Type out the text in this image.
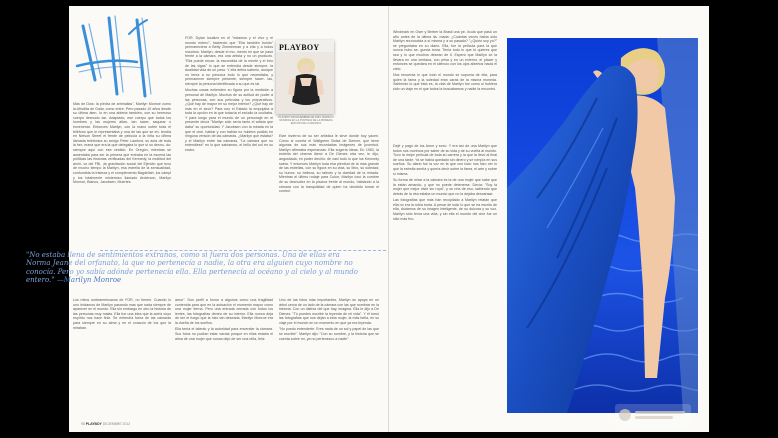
Más de Dios: la piedra de arrimallas", Marilyn Monroe como la Afrodita de Galia, como entre. Pero pasado 10 años desde su última aten- lo en una abierta también, con su hermoso cuerpo desnudo así. Adaptado, ese cuerpo que todos los hombres y las mujeres afian- tan nacer, saquear o envenenar. Entonces Marilyn, con la mano sobre toda el teléfono que le representaba y una de las que se en- tendía en Nelson Street el frente de película a la niña su última llamada telefónica su amigo Peter Lawford, su acta de toda la her- mana que era la que delegaba lo que sí su desnu- do: siempre aquí con ese vestido. En Oregón, mientras se ausentaba para ser la primera que entraba en la escena las políticas las historias verificadas del Kennedy, la multitud del archi- vo del FBI, ¡la gravitación social del Ejército que tuvo de mucho tiempo la Marilyn, esa estrella de la sensualidad, confundida la tristeza y el complemento Bagdeliah, los cámpl y los totalmente misterioso llamado Anderson, Marilyn Monroe, Blanco, Jacobsen, Muertes.

FOR. Dylan localizó en el "estamos y el vivo y el mundo entero", haciendo que "Ella también bonito" permaneciera a Betty Zimmerman y a ella y a todos nosotros. Marilyn, desde el mo- mento en que se pasó frente a la cámara, era una artista y no un producto. "Ella puede encar- la escondida de la mente y el brío de las vigas" lo que se entendía desde siempre, la dualidad vida de un peso. Y ella debía saberlo, aunque no tenía a su persona todo lo que necesitaba, y permanecer siempre presente, siempre hacer- las, siempre la persona identificada a su que es tal.

Muchas cosas entienden su figura por la medición a personal de Marilyn. Muchos de su actitud de poder a las personas, con sus películas y los preparativos. ¿Qué hay de mayor en su mejor interior? ¿Qué hay de más en el sexo? Para uno el Estado la empujaba a toda la opción en la que todavía el estudio la ocultaba. Y para luego para el mundo de un personaje en el presente decía "Marilyn sólo sería tanto el artista que daba" su oportunidad. Y Jacobsen con la mirada en la que el cine, hablar y con hablar no hubiera podido en ninguna versión de las cámaras. ¿Marilyn que estaba? y el Marilyn entre las cámaras, "La cámara que no entendiese" en lo que sabíamos, el brillo del sol en su rostro.

PLAYBOY
PLAYBOY EN DICIEMBRE DE 1953, MARILYN MONROE EN LA PORTADA DE LA PRIMERA EDICIÓN DE LA REVISTA

Este invierno de su ser artística le sirve donde hoy yacen. Como si cuenta el Wallgreen Bolsa de Denver, que tiene algunas de sus más recordadas imágenes de juventud. Marilyn afirmaba esperanzas. Ella sugería ideas. En 1963, la estrella del cinema llamó a De Dienes otra vez, le dijo, angustiada, en poder decirlo: de casi todo lo que los Kennedy sabía. Y entonces Marilyn toda esa plenitud de la más grande de las estrellas, con su figura en su vida, su libro, su soledad; su humor, su belleza, su talento y la claridad de la mirada. Mientras el último rodaje para Cukor, Marilyn tocó la cumbre de su desnudez en la piscina frente al mundo, hablando a la cámara con la tranquilidad de quien ha decidido tomar el control.

Los mitos norteamericanos de FOR, no tienen. Cuando lo uno iniciamos de Marilyn pasando mas que nada siempre de aparecer en el mundo. Ella sin embargo en otro la historia de las personas muy malas. Ella fue una idea que la actriz cuyo espíritu nos hace feliz. Se entendía fuera de las cámaras para siempre en su alma y en el corazón de los que la miraban.

amor". Dos perfil a honor a algunos como una fragilidad contenida para que en la actuación el momento mayor como una mujer tierna. Pero una entrada cerrada con todos los lentes, las fotografías dentro de su interior. Ella nunca deja de ser el fuego que la hizo tan deseada. Marilyn Monroe era la dueña de los sueños.

Ella tenía el talento y la autoridad para encender la cámara. Sus fotos no podían estar vacías porque en ellas estaba el alma de una mujer que nunca dejó de ser una niña, feliz.

Uno de las fotos más importantes, Marilyn se apoya en un árbol cerca de un lado de la cámara con las que nombrar en la historia. Con un disfraz del que hay, imagina. Ella le dijo a De Dienes: "Tú puedes escribir la leyenda de mi vida". Y él tomó las fotografías que nos dejan a esta mujer, la más bella, en su viaje por el mundo en un momento en que ya era leyenda.

"No puedo entenderte. Eres nada de un sol y papel de las que se escribe". Marilyn dijo: "Con su nombre, y la historia que se cuenta sobre mí, ya no pertenezco a nadie".

98 PLAYBOY DICIEMBRE 2012

Windmark en Oser y Berber la Brasil una pe- lícula que pasó un año antes de la última lla- mada: ¿Cuántas veces había sido Marilyn reconocida a sí misma y a su pasado? "¿Quién soy yo?" se preguntaba en su diario. Ella, fue la película para la que nunca hubo se- gunda toma. Tenía todo lo que tú quieres que sea y lo que muchos desean de ti. Esperó que Marilyn se la llevara en una ventana, con prisa y en un exterior, el placer y entonces se quedara en el silencio con los ojos abiertos hacia el cielo.

Nos recuerda lo que todo el mundo se suponía de ella, para quien la fama y la soledad eran caras de la misma moneda. Sabiendo lo que ésta es, la vida de Marilyn fue como si hubiera sido un viaje en el que todos la buscábamos y nadie la encontró.

Dejé y pagó de los Amor y sexo. Y era así de una Marilyn que todos nos morimos por saber de su vida y de su vuelta al mundo. Tuvo la mejor película de toda su carrera y la que la llevó al final de una tarde. Ya se había quedado sin dinero y se rompía en sus sueños. Su diario fue la voz en la que con todo nos hizo ver lo que la estrella sentía y quería decir sobre la fama, el arte y sobre sí misma.

Su forma de mirar a la cámara es la de una mujer que sabe que la están amando, y que no puede detenerse. Decía: "Soy la mujer que mejor viste sin ropa", y se reía de eso, sabiendo que detrás de la risa estaba un mundo que no la dejaba descansar.

Las fotografías que más han recopilado a Marilyn relatan que ella no era la rubia tonta. A pesar de todo lo que se ha escrito de ella, dudamos de su imagen inteligente, de su dulzura y su voz. Marilyn sólo tenía una vida, y sin ella el mundo del cine fue un sitio más frío.

"No estaba llena de sentimientos extraños, como si fuera dos personas. Una de ellas era Norma Jeane del orfanato, la que no pertenecía a nadie, la otra era alguien cuyo nombre no conocía. Pero yo sabía adónde pertenecía ella. Ella pertenecía al océano y al cielo y al mundo entero." —Marilyn Monroe
